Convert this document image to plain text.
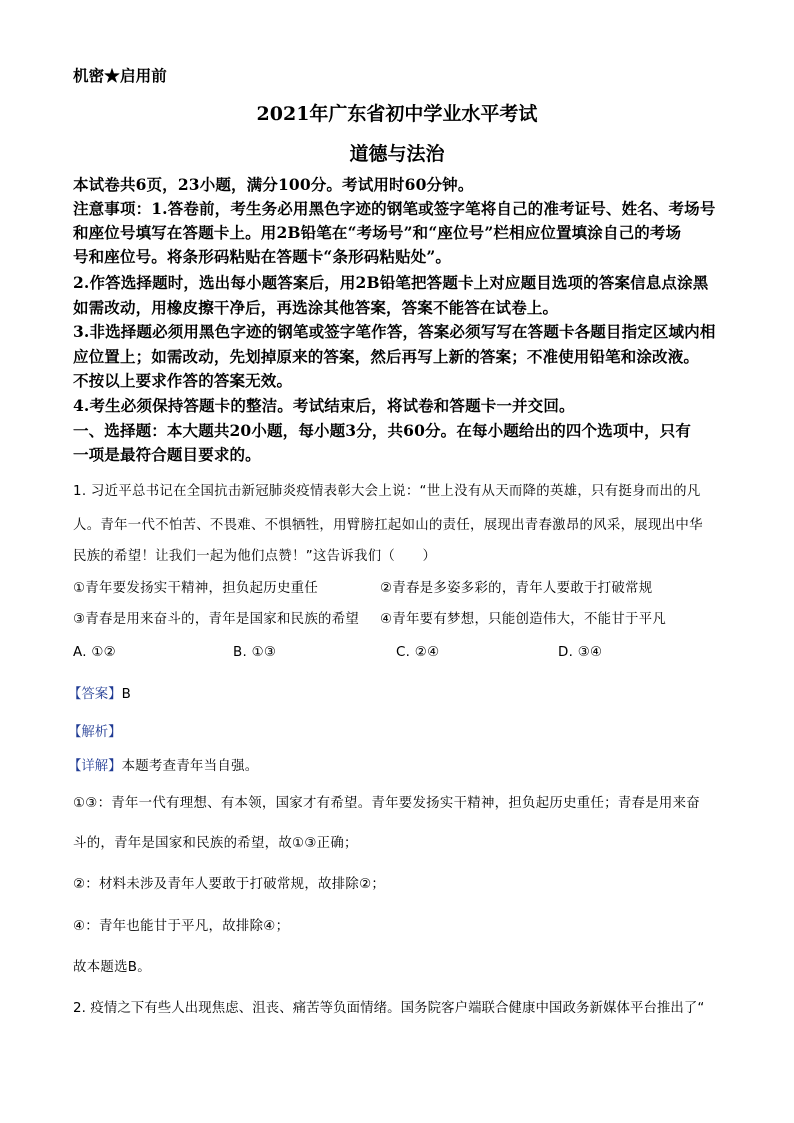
机密★启用前
2021年广东省初中学业水平考试
道德与法治
本试卷共6页，23小题，满分100分。考试用时60分钟。
注意事项：1.答卷前，考生务必用黑色字迹的钢笔或签字笔将自己的准考证号、姓名、考场号
和座位号填写在答题卡上。用2B铅笔在“考场号”和“座位号”栏相应位置填涂自己的考场
号和座位号。将条形码粘贴在答题卡“条形码粘贴处”。
2.作答选择题时，选出每小题答案后，用2B铅笔把答题卡上对应题目选项的答案信息点涂黑
如需改动，用橡皮擦干净后，再选涂其他答案，答案不能答在试卷上。
3.非选择题必须用黑色字迹的钢笔或签字笔作答，答案必须写写在答题卡各题目指定区域内相
应位置上；如需改动，先划掉原来的答案，然后再写上新的答案；不准使用铅笔和涂改液。
不按以上要求作答的答案无效。
4.考生必须保持答题卡的整洁。考试结束后，将试卷和答题卡一并交回。
一、选择题：本大题共20小题，每小题3分，共60分。在每小题给出的四个选项中，只有
一项是最符合题目要求的。
1. 习近平总书记在全国抗击新冠肺炎疫情表彰大会上说：“世上没有从天而降的英雄，只有挺身而出的凡
人。青年一代不怕苦、不畏难、不惧牺牲，用臂膀扛起如山的责任，展现出青春激昂的风采，展现出中华
民族的希望！让我们一起为他们点赞！”这告诉我们（　　）
①青年要发扬实干精神，担负起历史重任	②青春是多姿多彩的，青年人要敢于打破常规
③青春是用来奋斗的，青年是国家和民族的希望 ④青年要有梦想，只能创造伟大，不能甘于平凡
A. ①②	B. ①③	C. ②④	D. ③④
【答案】B
【解析】
【详解】本题考查青年当自强。
①③：青年一代有理想、有本领，国家才有希望。青年要发扬实干精神，担负起历史重任；青春是用来奋
斗的，青年是国家和民族的希望，故①③正确；
②：材料未涉及青年人要敢于打破常规，故排除②；
④：青年也能甘于平凡，故排除④；
故本题选B。
2. 疫情之下有些人出现焦虑、沮丧、痛苦等负面情绪。国务院客户端联合健康中国政务新媒体平台推出了“
